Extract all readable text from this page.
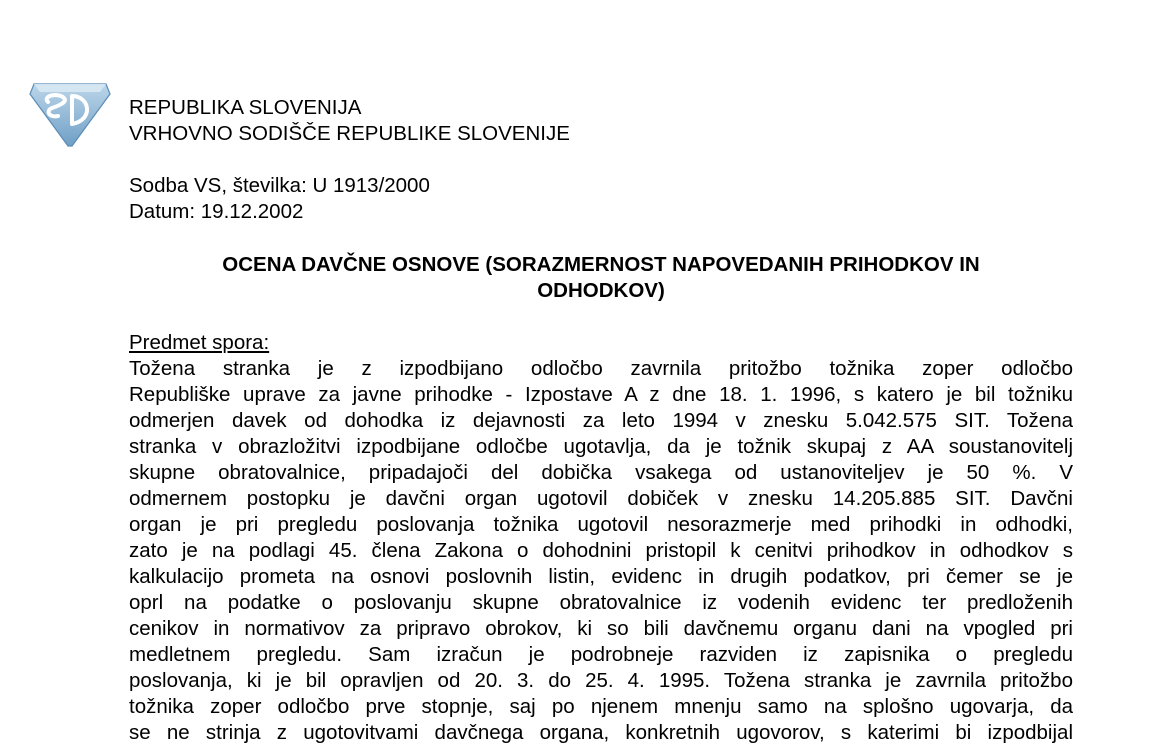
REPUBLIKA SLOVENIJA
VRHOVNO SODIŠČE REPUBLIKE SLOVENIJE
Sodba VS, številka: U 1913/2000
Datum: 19.12.2002
OCENA DAVČNE OSNOVE (SORAZMERNOST NAPOVEDANIH PRIHODKOV IN
ODHODKOV)
Predmet spora:
Tožena stranka je z izpodbijano odločbo zavrnila pritožbo tožnika zoper odločbo
Republiške uprave za javne prihodke - Izpostave A z dne 18. 1. 1996, s katero je bil tožniku
odmerjen davek od dohodka iz dejavnosti za leto 1994 v znesku 5.042.575 SIT. Tožena
stranka v obrazložitvi izpodbijane odločbe ugotavlja, da je tožnik skupaj z AA soustanovitelj
skupne obratovalnice, pripadajoči del dobička vsakega od ustanoviteljev je 50 %. V
odmernem postopku je davčni organ ugotovil dobiček v znesku 14.205.885 SIT. Davčni
organ je pri pregledu poslovanja tožnika ugotovil nesorazmerje med prihodki in odhodki,
zato je na podlagi 45. člena Zakona o dohodnini pristopil k cenitvi prihodkov in odhodkov s
kalkulacijo prometa na osnovi poslovnih listin, evidenc in drugih podatkov, pri čemer se je
oprl na podatke o poslovanju skupne obratovalnice iz vodenih evidenc ter predloženih
cenikov in normativov za pripravo obrokov, ki so bili davčnemu organu dani na vpogled pri
medletnem pregledu. Sam izračun je podrobneje razviden iz zapisnika o pregledu
poslovanja, ki je bil opravljen od 20. 3. do 25. 4. 1995. Tožena stranka je zavrnila pritožbo
tožnika zoper odločbo prve stopnje, saj po njenem mnenju samo na splošno ugovarja, da
se ne strinja z ugotovitvami davčnega organa, konkretnih ugovorov, s katerimi bi izpodbijal
